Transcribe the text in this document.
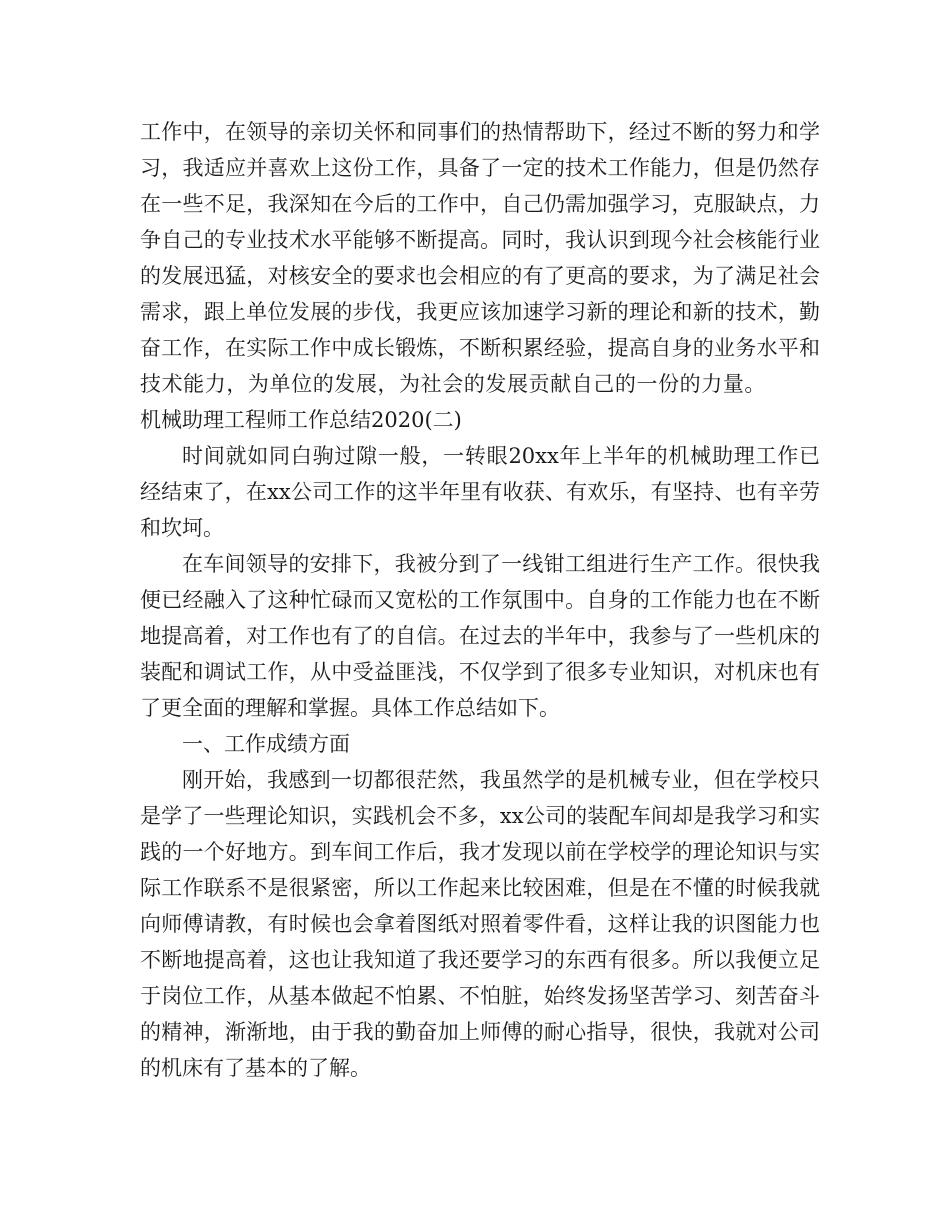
工作中，在领导的亲切关怀和同事们的热情帮助下，经过不断的努力和学习，我适应并喜欢上这份工作，具备了一定的技术工作能力，但是仍然存在一些不足，我深知在今后的工作中，自己仍需加强学习，克服缺点，力争自己的专业技术水平能够不断提高。同时，我认识到现今社会核能行业的发展迅猛，对核安全的要求也会相应的有了更高的要求，为了满足社会需求，跟上单位发展的步伐，我更应该加速学习新的理论和新的技术，勤奋工作，在实际工作中成长锻炼，不断积累经验，提高自身的业务水平和技术能力，为单位的发展，为社会的发展贡献自己的一份的力量。机械助理工程师工作总结2020(二)

时间就如同白驹过隙一般，一转眼20xx年上半年的机械助理工作已经结束了，在xx公司工作的这半年里有收获、有欢乐，有坚持、也有辛劳和坎坷。

在车间领导的安排下，我被分到了一线钳工组进行生产工作。很快我便已经融入了这种忙碌而又宽松的工作氛围中。自身的工作能力也在不断地提高着，对工作也有了的自信。在过去的半年中，我参与了一些机床的装配和调试工作，从中受益匪浅，不仅学到了很多专业知识，对机床也有了更全面的理解和掌握。具体工作总结如下。

一、工作成绩方面

刚开始，我感到一切都很茫然，我虽然学的是机械专业，但在学校只是学了一些理论知识，实践机会不多，xx公司的装配车间却是我学习和实践的一个好地方。到车间工作后，我才发现以前在学校学的理论知识与实际工作联系不是很紧密，所以工作起来比较困难，但是在不懂的时候我就向师傅请教，有时候也会拿着图纸对照着零件看，这样让我的识图能力也不断地提高着，这也让我知道了我还要学习的东西有很多。所以我便立足于岗位工作，从基本做起不怕累、不怕脏，始终发扬坚苦学习、刻苦奋斗的精神，渐渐地，由于我的勤奋加上师傅的耐心指导，很快，我就对公司的机床有了基本的了解。
